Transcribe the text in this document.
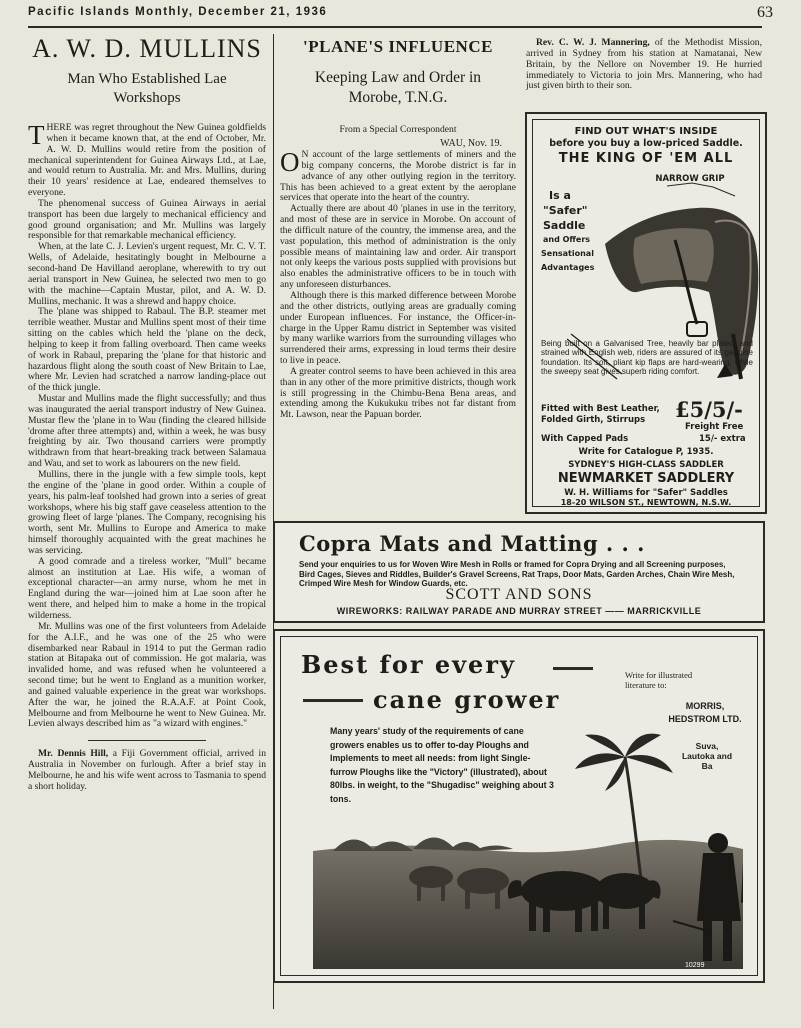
Pacific Islands Monthly, December 21, 1936	63
A. W. D. MULLINS
Man Who Established Lae Workshops

THERE was regret throughout the New Guinea goldfields when it became known that, at the end of October, Mr. A. W. D. Mullins would retire from the position of mechanical superintendent for Guinea Airways Ltd., at Lae, and would return to Australia. Mr. and Mrs. Mullins, during their 10 years' residence at Lae, endeared themselves to everyone.

The phenomenal success of Guinea Airways in aerial transport has been due largely to mechanical efficiency and good ground organisation; and Mr. Mullins was largely responsible for that remarkable mechanical efficiency.

When, at the late C. J. Levien's urgent request, Mr. C. V. T. Wells, of Adelaide, hesitatingly bought in Melbourne a second-hand De Havilland aeroplane, wherewith to try out aerial transport in New Guinea, he selected two men to go with the machine—Captain Mustar, pilot, and A. W. D. Mullins, mechanic. It was a shrewd and happy choice.

The 'plane was shipped to Rabaul. The B.P. steamer met terrible weather. Mustar and Mullins spent most of their time sitting on the cables which held the 'plane on the deck, helping to keep it from falling overboard. Then came weeks of work in Rabaul, preparing the 'plane for that historic and hazardous flight along the south coast of New Britain to Lae, where Mr. Levien had scratched a narrow landing-place out of the thick jungle.

Mustar and Mullins made the flight successfully; and thus was inaugurated the aerial transport industry of New Guinea. Mustar flew the 'plane in to Wau (finding the cleared hillside 'drome after three attempts) and, within a week, he was busy freighting by air. Two thousand carriers were promptly withdrawn from that heart-breaking track between Salamaua and Wau, and set to work as labourers on the new field.

Mullins, there in the jungle with a few simple tools, kept the engine of the 'plane in good order. Within a couple of years, his palm-leaf toolshed had grown into a series of great workshops, where his big staff gave ceaseless attention to the growing fleet of large 'planes. The Company, recognising his worth, sent Mr. Mullins to Europe and America to make himself thoroughly acquainted with the great machines he was servicing.

A good comrade and a tireless worker, "Mull" became almost an institution at Lae. His wife, a woman of exceptional character—an army nurse, whom he met in England during the war—joined him at Lae soon after he went there, and helped him to make a home in the tropical wilderness.

Mr. Mullins was one of the first volunteers from Adelaide for the A.I.F., and he was one of the 25 who were disembarked near Rabaul in 1914 to put the German radio station at Bitapaka out of commission. He got malaria, was invalided home, and was refused when he volunteered a second time; but he went to England as a munition worker, and gained valuable experience in the great war workshops. After the war, he joined the R.A.A.F. at Point Cook, Melbourne and from Melbourne he went to New Guinea. Mr. Levien always described him as "a wizard with engines."

Mr. Dennis Hill, a Fiji Government official, arrived in Australia in November on furlough. After a brief stay in Melbourne, he and his wife went across to Tasmania to spend a short holiday.

'PLANE'S INFLUENCE
Keeping Law and Order in Morobe, T.N.G.
From a Special Correspondent
WAU, Nov. 19.

O N account of the large settlements of miners and the big company concerns, the Morobe district is far in advance of any other outlying region in the territory. This has been achieved to a great extent by the aeroplane services that operate into the heart of the country.

Actually there are about 40 'planes in use in the territory, and most of these are in service in Morobe. On account of the difficult nature of the country, the immense area, and the vast population, this method of administration is the only possible means of maintaining law and order. Air transport not only keeps the various posts supplied with provisions but also enables the administrative officers to be in touch with any unforeseen disturbances.

Although there is this marked difference between Morobe and the other districts, outlying areas are gradually coming under European influences. For instance, the Officer-in-charge in the Upper Ramu district in September was visited by many warlike warriors from the surrounding villages who surrendered their arms, expressing in loud terms their desire to live in peace.

A greater control seems to have been achieved in this area than in any other of the more primitive districts, though work is still progressing in the Chimbu-Bena Bena areas, and extending among the Kukukuku tribes not far distant from Mt. Lawson, near the Papuan border.

Rev. C. W. J. Mannering, of the Methodist Mission, arrived in Sydney from his station at Namatanai, New Britain, by the Nellore on November 19. He hurried immediately to Victoria to join Mrs. Mannering, who had just given birth to their son.

FIND OUT WHAT'S INSIDE
before you buy a low-priced Saddle.
THE KING OF 'EM ALL
Is a
"Safer"
Saddle
and Offers
Sensational
Advantages
NARROW GRIP
Being built on a Galvanised Tree, heavily bar plated, and strained with English web, riders are assured of its genuine foundation. Its soft, pliant kip flaps are hard-wearing, while the sweepy seat gives superb riding comfort.
Fitted with Best Leather,
Folded Girth, Stirrups £5/5/-
Freight Free
With Capped Pads	15/- extra
Write for Catalogue P, 1935.
SYDNEY'S HIGH-CLASS SADDLER
NEWMARKET SADDLERY
W. H. Williams for "Safer" Saddles
18-20 WILSON ST., NEWTOWN, N.S.W.
Copra Mats and Matting . . .
Send your enquiries to us for Woven Wire Mesh in Rolls or framed for Copra Drying and all Screening purposes, Bird Cages, Sieves and Riddles, Builder's Gravel Screens, Rat Traps, Door Mats, Garden Arches, Chain Wire Mesh, Crimped Wire Mesh for Window Guards, etc.
SCOTT AND SONS
WIREWORKS: RAILWAY PARADE AND MURRAY STREET —— MARRICKVILLE
Best for every
cane grower
Write for illustrated literature to:
MORRIS, HEDSTROM LTD.
Suva, Lautoka and Ba
Many years' study of the requirements of cane growers enables us to offer to-day Ploughs and Implements to meet all needs: from light Single-furrow Ploughs like the "Victory" (illustrated), about 80lbs. in weight, to the "Shugadisc" weighing about 3 tons.
10299
